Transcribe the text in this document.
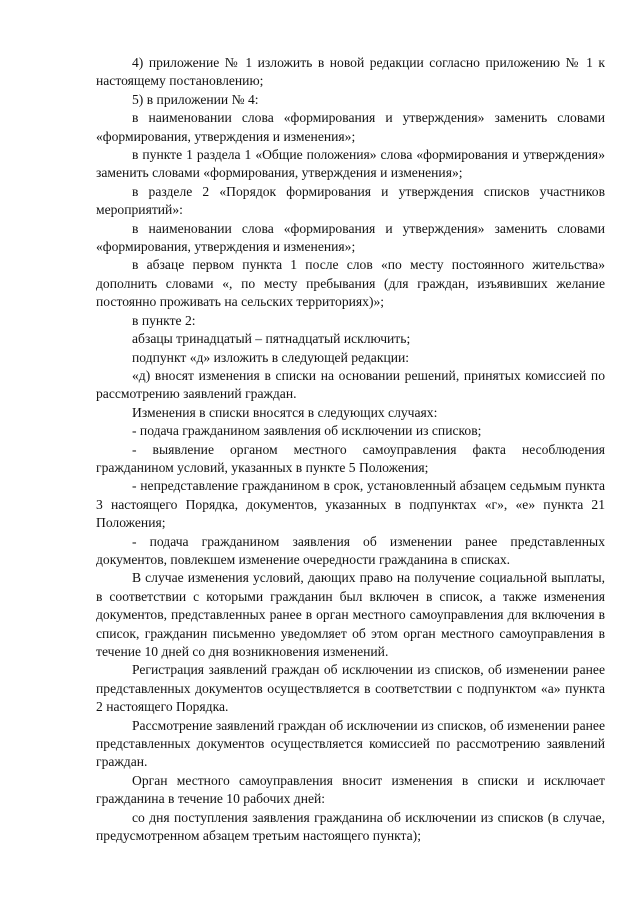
4) приложение № 1 изложить в новой редакции согласно приложению № 1 к настоящему постановлению;

5) в приложении № 4:

в наименовании слова «формирования и утверждения» заменить словами «формирования, утверждения и изменения»;

в пункте 1 раздела 1 «Общие положения» слова «формирования и утверждения» заменить словами «формирования, утверждения и изменения»;

в разделе 2 «Порядок формирования и утверждения списков участников мероприятий»:

в наименовании слова «формирования и утверждения» заменить словами «формирования, утверждения и изменения»;

в абзаце первом пункта 1 после слов «по месту постоянного жительства» дополнить словами «, по месту пребывания (для граждан, изъявивших желание постоянно проживать на сельских территориях)»;

в пункте 2:

абзацы тринадцатый – пятнадцатый исключить;

подпункт «д» изложить в следующей редакции:

«д) вносят изменения в списки на основании решений, принятых комиссией по рассмотрению заявлений граждан.

Изменения в списки вносятся в следующих случаях:

- подача гражданином заявления об исключении из списков;

- выявление органом местного самоуправления факта несоблюдения гражданином условий, указанных в пункте 5 Положения;

- непредставление гражданином в срок, установленный абзацем седьмым пункта 3 настоящего Порядка, документов, указанных в подпунктах «г», «е» пункта 21 Положения;

- подача гражданином заявления об изменении ранее представленных документов, повлекшем изменение очередности гражданина в списках.

В случае изменения условий, дающих право на получение социальной выплаты, в соответствии с которыми гражданин был включен в список, а также изменения документов, представленных ранее в орган местного самоуправления для включения в список, гражданин письменно уведомляет об этом орган местного самоуправления в течение 10 дней со дня возникновения изменений.

Регистрация заявлений граждан об исключении из списков, об изменении ранее представленных документов осуществляется в соответствии с подпунктом «а» пункта 2 настоящего Порядка.

Рассмотрение заявлений граждан об исключении из списков, об изменении ранее представленных документов осуществляется комиссией по рассмотрению заявлений граждан.

Орган местного самоуправления вносит изменения в списки и исключает гражданина в течение 10 рабочих дней:

со дня поступления заявления гражданина об исключении из списков (в случае, предусмотренном абзацем третьим настоящего пункта);
